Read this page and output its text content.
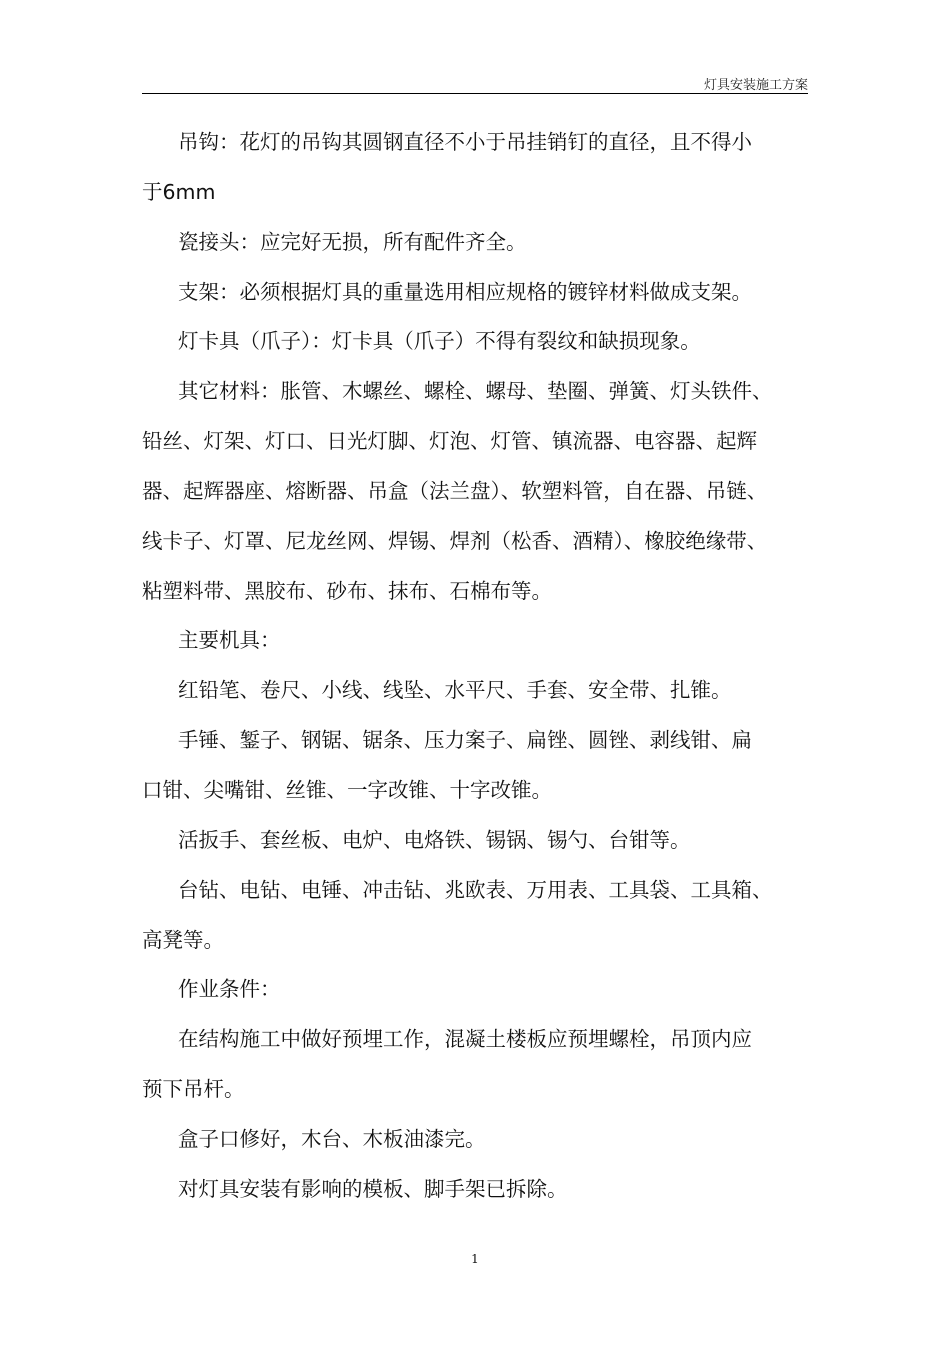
灯具安装施工方案
吊钩：花灯的吊钩其圆钢直径不小于吊挂销钉的直径，且不得小
于6mm
瓷接头：应完好无损，所有配件齐全。
支架：必须根据灯具的重量选用相应规格的镀锌材料做成支架。
灯卡具（爪子）：灯卡具（爪子）不得有裂纹和缺损现象。
其它材料：胀管、木螺丝、螺栓、螺母、垫圈、弹簧、灯头铁件、
铅丝、灯架、灯口、日光灯脚、灯泡、灯管、镇流器、电容器、起辉
器、起辉器座、熔断器、吊盒（法兰盘）、软塑料管，自在器、吊链、
线卡子、灯罩、尼龙丝网、焊锡、焊剂（松香、酒精）、橡胶绝缘带、
粘塑料带、黑胶布、砂布、抹布、石棉布等。
主要机具：
红铅笔、卷尺、小线、线坠、水平尺、手套、安全带、扎锥。
手锤、錾子、钢锯、锯条、压力案子、扁锉、圆锉、剥线钳、扁
口钳、尖嘴钳、丝锥、一字改锥、十字改锥。
活扳手、套丝板、电炉、电烙铁、锡锅、锡勺、台钳等。
台钻、电钻、电锤、冲击钻、兆欧表、万用表、工具袋、工具箱、
高凳等。
作业条件：
在结构施工中做好预埋工作，混凝土楼板应预埋螺栓，吊顶内应
预下吊杆。
盒子口修好，木台、木板油漆完。
对灯具安装有影响的模板、脚手架已拆除。
1
